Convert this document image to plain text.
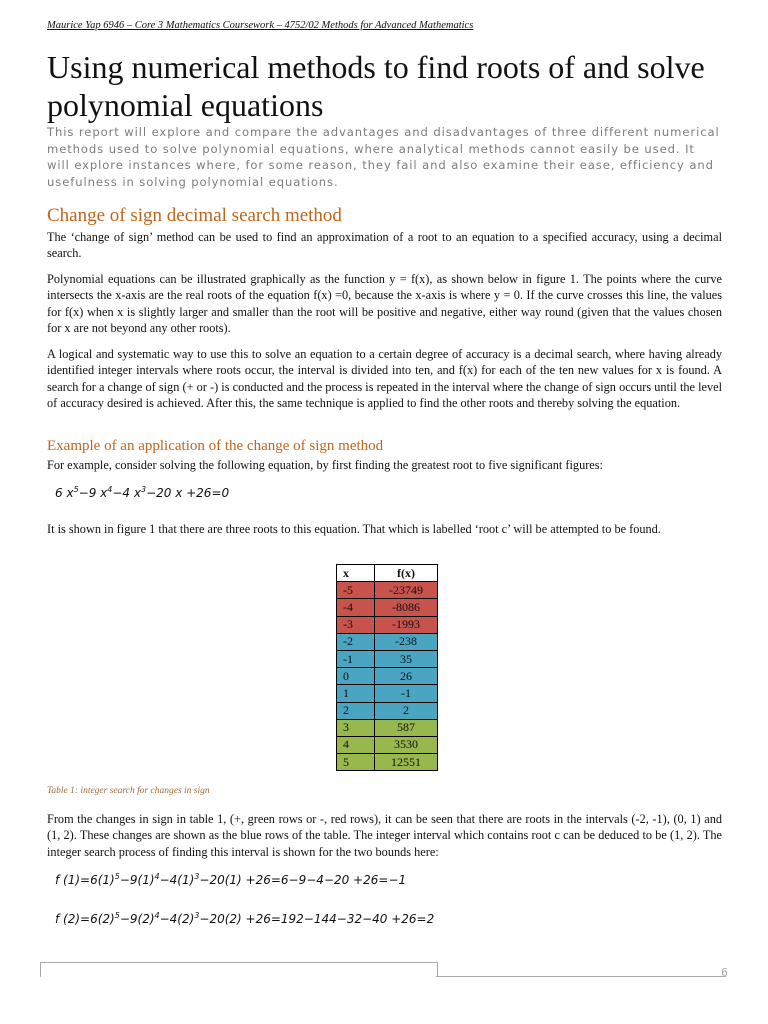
Maurice Yap 6946 – Core 3 Mathematics Coursework – 4752/02 Methods for Advanced Mathematics
Using numerical methods to find roots of and solve polynomial equations

This report will explore and compare the advantages and disadvantages of three different numerical methods used to solve polynomial equations, where analytical methods cannot easily be used. It will explore instances where, for some reason, they fail and also examine their ease, efficiency and usefulness in solving polynomial equations.

Change of sign decimal search method

The ‘change of sign’ method can be used to find an approximation of a root to an equation to a specified accuracy, using a decimal search.

Polynomial equations can be illustrated graphically as the function y = f(x), as shown below in figure 1. The points where the curve intersects the x-axis are the real roots of the equation f(x) =0, because the x-axis is where y = 0. If the curve crosses this line, the values for f(x) when x is slightly larger and smaller than the root will be positive and negative, either way round (given that the values chosen for x are not beyond any other roots).

A logical and systematic way to use this to solve an equation to a certain degree of accuracy is a decimal search, where having already identified integer intervals where roots occur, the interval is divided into ten, and f(x) for each of the ten new values for x is found. A search for a change of sign (+ or -) is conducted and the process is repeated in the interval where the change of sign occurs until the level of accuracy desired is achieved. After this, the same technique is applied to find the other roots and thereby solving the equation.

Example of an application of the change of sign method

For example, consider solving the following equation, by first finding the greatest root to five significant figures:

6 $x^5-9$ $x^4-4$ $x^3-20$ x +26=0

It is shown in figure 1 that there are three roots to this equation. That which is labelled ‘root c’ will be attempted to be found.

x	f(x)
-5	-23749
-4	-8086
-3	-1993
-2	-238
-1	35
0	26
1	-1
2	2
3	587
4	3530
5	12551
Table 1: integer search for changes in sign

From the changes in sign in table 1, (+, green rows or -, red rows), it can be seen that there are roots in the intervals (-2, -1), (0, 1) and (1, 2). These changes are shown as the blue rows of the table. The integer interval which contains root c can be deduced to be (1, 2). The integer search process of finding this interval is shown for the two bounds here:

f $(1)=6(1)^5-9(1)^4-4(1)^3-20(1) +26=6-9-4-20 +26=-1$
f $(2)=6(2)^5-9(2)^4-4(2)^3-20(2) +26=192-144-32-40 +26=2$
6
